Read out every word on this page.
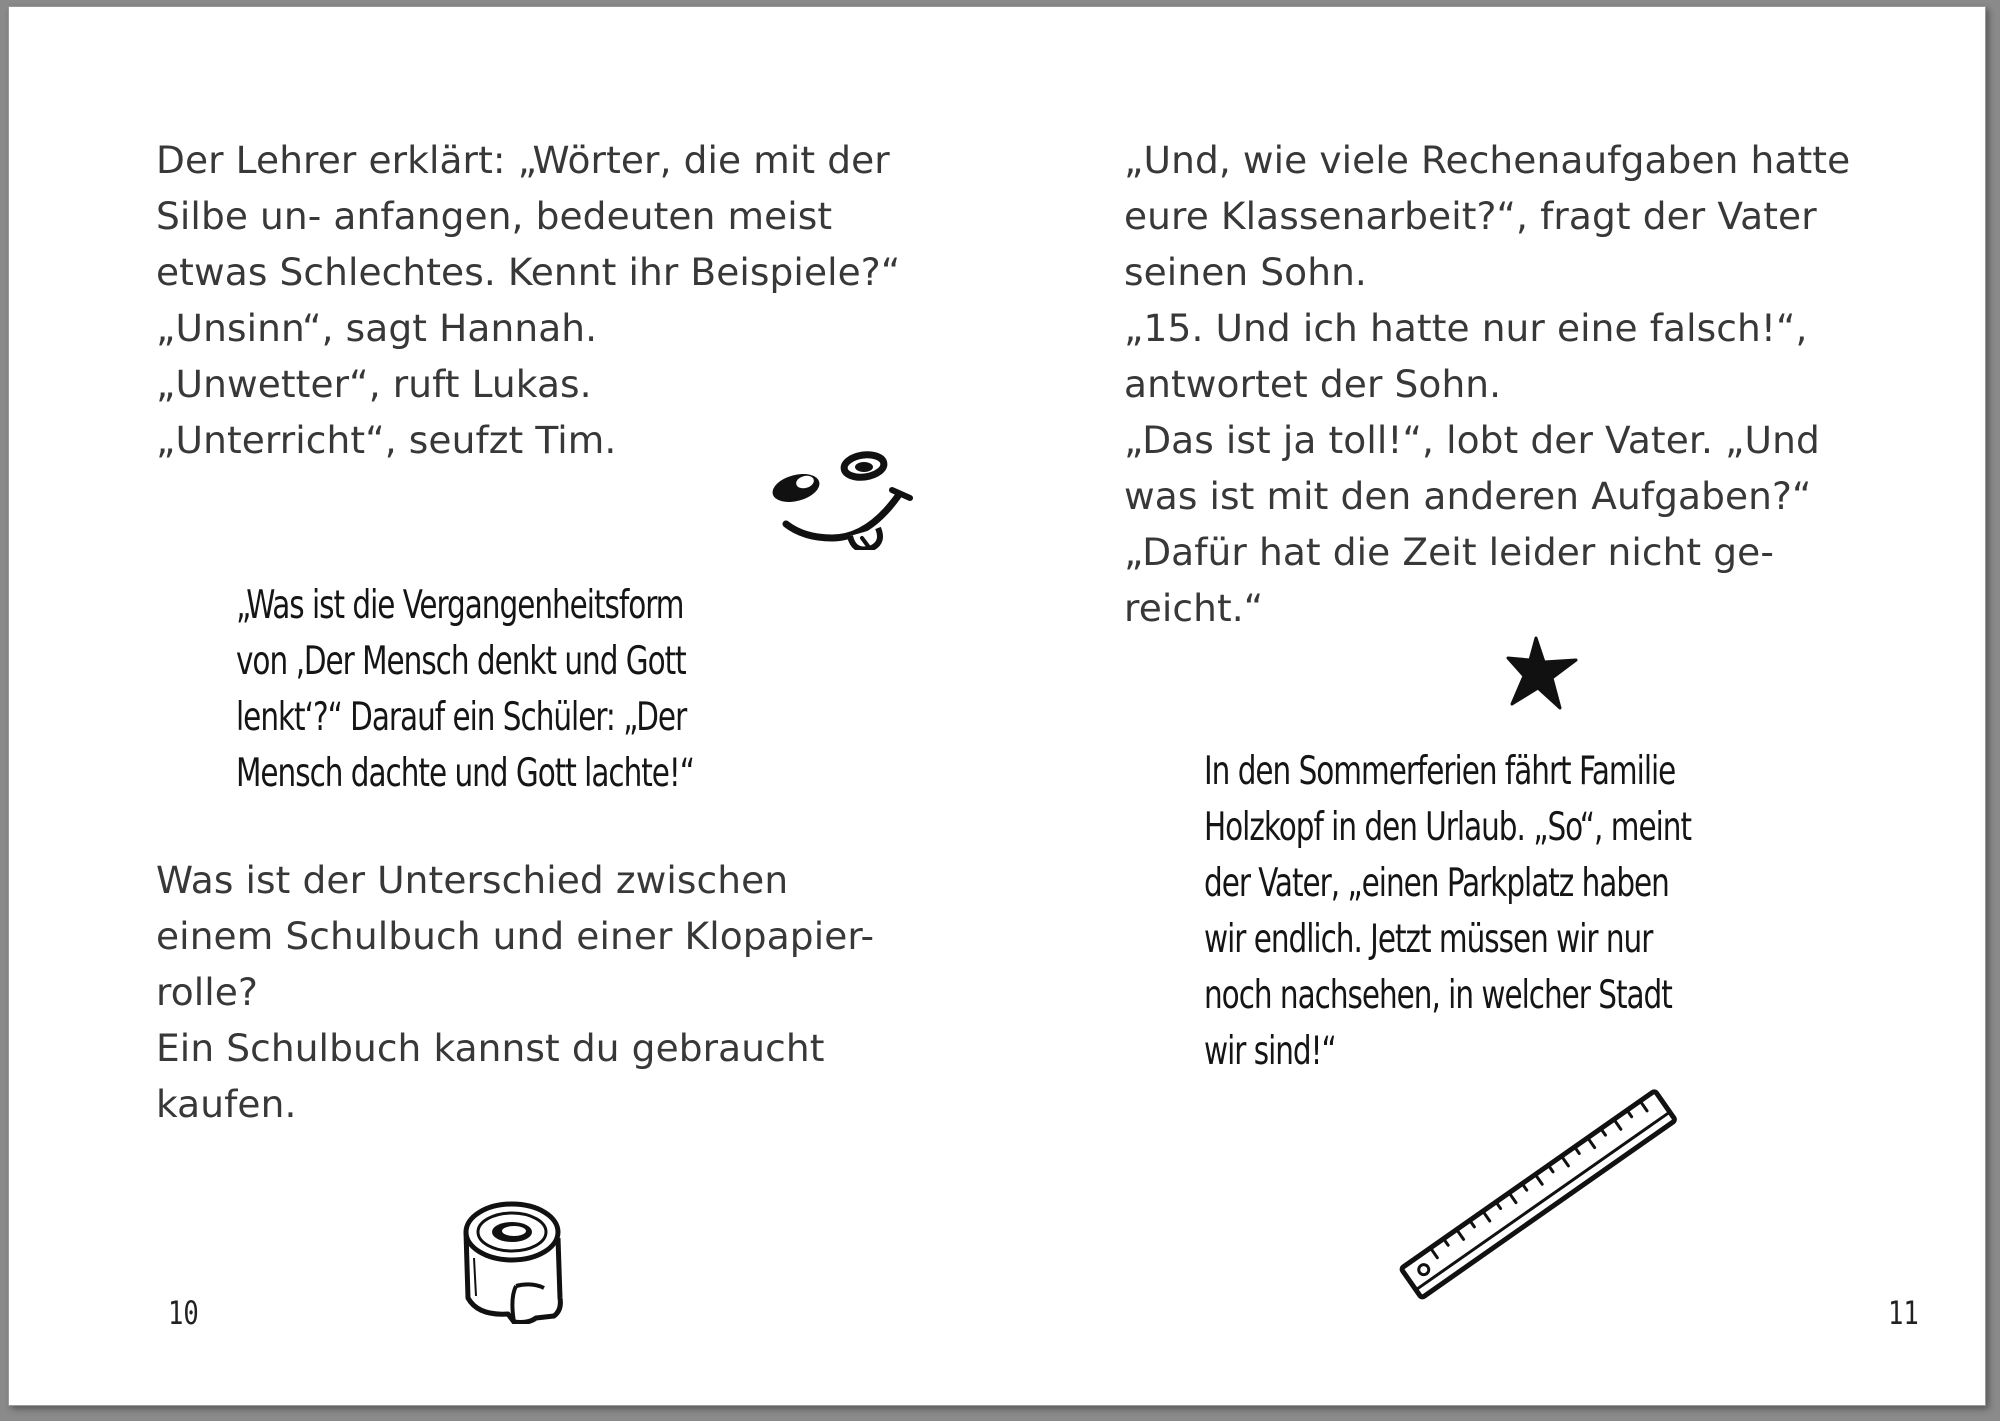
Der Lehrer erklärt: „Wörter, die mit der
Silbe un- anfangen, bedeuten meist
etwas Schlechtes. Kennt ihr Beispiele?“
„Unsinn“, sagt Hannah.
„Unwetter“, ruft Lukas.
„Unterricht“, seufzt Tim.
„Was ist die Vergangenheitsform
von ‚Der Mensch denkt und Gott
lenkt‘?“ Darauf ein Schüler: „Der
Mensch dachte und Gott lachte!“
Was ist der Unterschied zwischen
einem Schulbuch und einer Klopapier-
rolle?
Ein Schulbuch kannst du gebraucht
kaufen.
10
„Und, wie viele Rechenaufgaben hatte
eure Klassenarbeit?“, fragt der Vater
seinen Sohn.
„15. Und ich hatte nur eine falsch!“,
antwortet der Sohn.
„Das ist ja toll!“, lobt der Vater. „Und
was ist mit den anderen Aufgaben?“
„Dafür hat die Zeit leider nicht ge-
reicht.“
In den Sommerferien fährt Familie
Holzkopf in den Urlaub. „So“, meint
der Vater, „einen Parkplatz haben
wir endlich. Jetzt müssen wir nur
noch nachsehen, in welcher Stadt
wir sind!“
11
